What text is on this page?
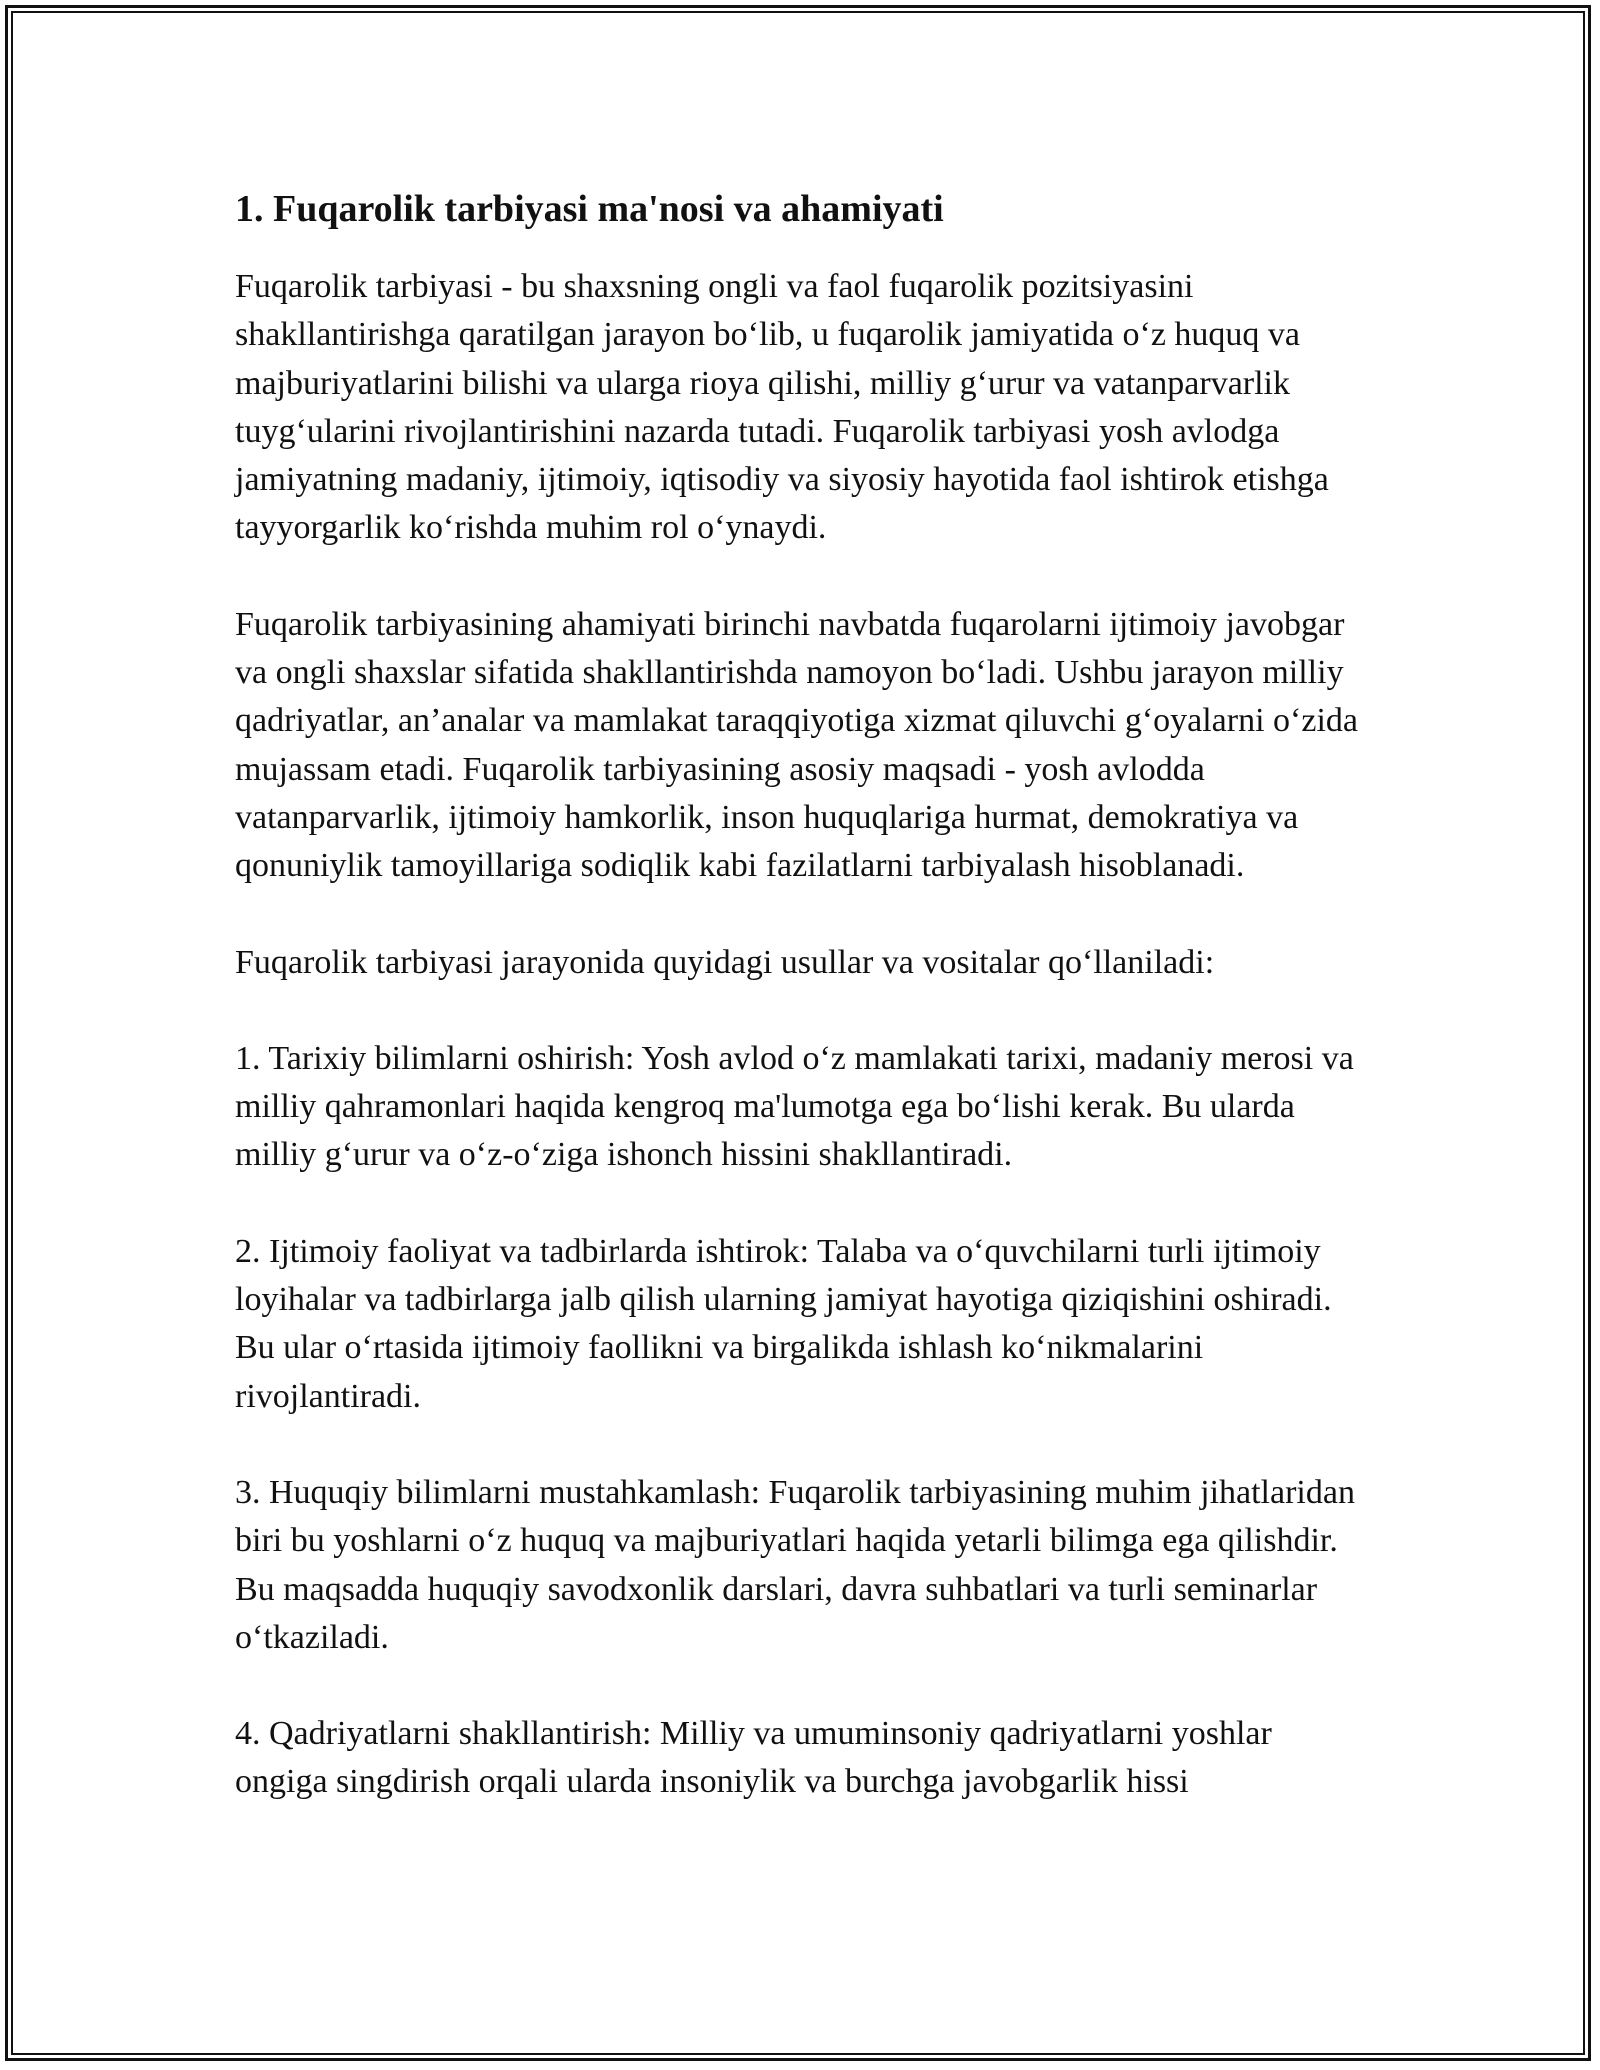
1. Fuqarolik tarbiyasi ma'nosi va ahamiyati

Fuqarolik tarbiyasi - bu shaxsning ongli va faol fuqarolik pozitsiyasini shakllantirishga qaratilgan jarayon bo‘lib, u fuqarolik jamiyatida o‘z huquq va majburiyatlarini bilishi va ularga rioya qilishi, milliy g‘urur va vatanparvarlik tuyg‘ularini rivojlantirishini nazarda tutadi. Fuqarolik tarbiyasi yosh avlodga jamiyatning madaniy, ijtimoiy, iqtisodiy va siyosiy hayotida faol ishtirok etishga tayyorgarlik ko‘rishda muhim rol o‘ynaydi.

Fuqarolik tarbiyasining ahamiyati birinchi navbatda fuqarolarni ijtimoiy javobgar va ongli shaxslar sifatida shakllantirishda namoyon bo‘ladi. Ushbu jarayon milliy qadriyatlar, an’analar va mamlakat taraqqiyotiga xizmat qiluvchi g‘oyalarni o‘zida mujassam etadi. Fuqarolik tarbiyasining asosiy maqsadi - yosh avlodda vatanparvarlik, ijtimoiy hamkorlik, inson huquqlariga hurmat, demokratiya va qonuniylik tamoyillariga sodiqlik kabi fazilatlarni tarbiyalash hisoblanadi.

Fuqarolik tarbiyasi jarayonida quyidagi usullar va vositalar qo‘llaniladi:

1. Tarixiy bilimlarni oshirish: Yosh avlod o‘z mamlakati tarixi, madaniy merosi va milliy qahramonlari haqida kengroq ma'lumotga ega bo‘lishi kerak. Bu ularda milliy g‘urur va o‘z-o‘ziga ishonch hissini shakllantiradi.

2. Ijtimoiy faoliyat va tadbirlarda ishtirok: Talaba va o‘quvchilarni turli ijtimoiy loyihalar va tadbirlarga jalb qilish ularning jamiyat hayotiga qiziqishini oshiradi. Bu ular o‘rtasida ijtimoiy faollikni va birgalikda ishlash ko‘nikmalarini rivojlantiradi.

3. Huquqiy bilimlarni mustahkamlash: Fuqarolik tarbiyasining muhim jihatlaridan biri bu yoshlarni o‘z huquq va majburiyatlari haqida yetarli bilimga ega qilishdir. Bu maqsadda huquqiy savodxonlik darslari, davra suhbatlari va turli seminarlar o‘tkaziladi.

4. Qadriyatlarni shakllantirish: Milliy va umuminsoniy qadriyatlarni yoshlar ongiga singdirish orqali ularda insoniylik va burchga javobgarlik hissi
